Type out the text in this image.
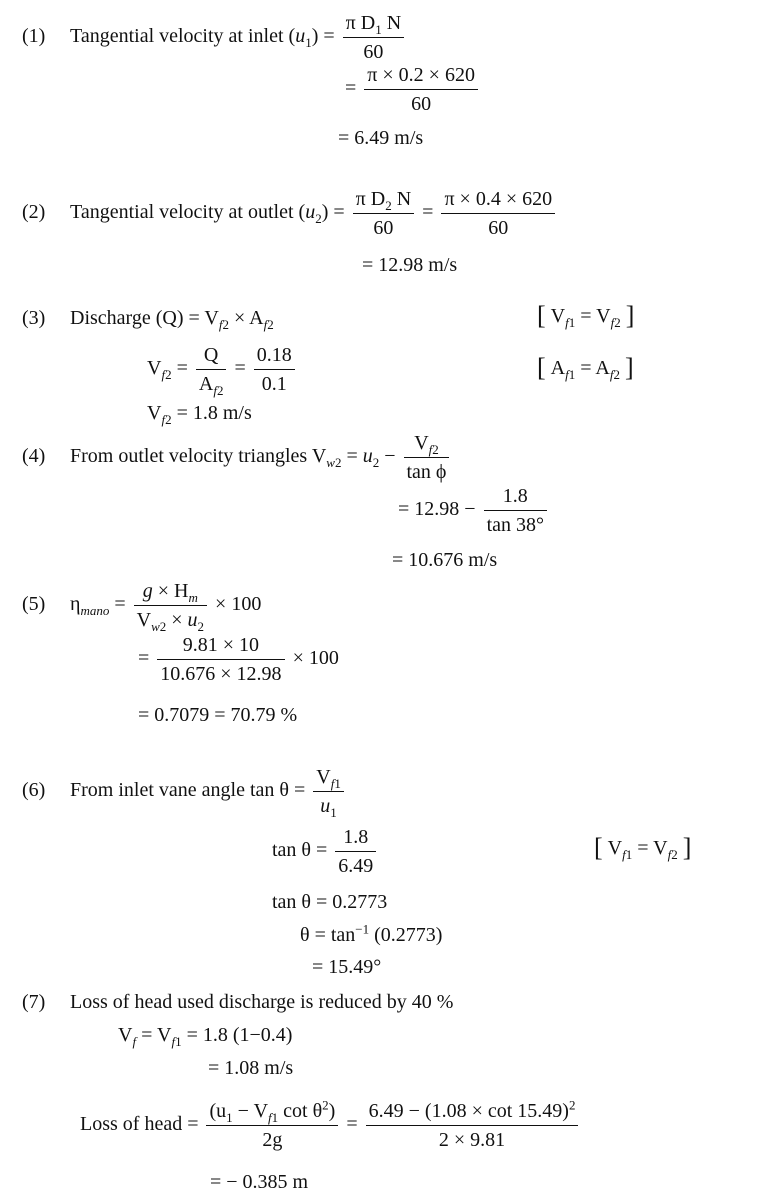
(1) Tangential velocity at inlet $(u_1) = \frac{\pi D_1 N}{60}$
= $\frac{\pi \times 0.2 \times 620}{60}$
= 6.49 m/s
(2) Tangential velocity at outlet $(u_2) = \frac{\pi D_2 N}{60} = \frac{\pi \times 0.4 \times 620}{60}$
= 12.98 m/s
(3) Discharge $(Q) = V_{f2} \times A_{f2}$	[ $V_{f1} = V_{f2}$ ]
$V_{f2} = \frac{Q}{A_{f2}} = \frac{0.18}{0.1}$	[ $A_{f1} = A_{f2}$ ]
$V_{f2} = 1.8$ m/s
(4) From outlet velocity triangles $V_{w2} = u_2 - \frac{V_{f2}}{\text{tan ϕ}}$
= $12.98 - \frac{1.8}{\tan 38^\circ}$
= 10.676 m/s
(5) $\eta_{mano} = \frac{g \times H_m}{V_{w2} \times u_2} \times 100$
= $\frac{9.81 \times 10}{10.676 \times 12.98} \times 100$
= 0.7079 = 70.79 %
(6) From inlet vane angle $\tan \theta = \frac{V_{f1}}{u_1}$
$\tan \theta = \frac{1.8}{6.49}$	[ $V_{f1} = V_{f2}$ ]
tan θ = 0.2773
$\theta = \tan^{-1} (0.2773)$
= 15.49°
(7) Loss of head used discharge is reduced by 40 %
$V_f = V_{f1} = 1.8$ (1−0.4)
= 1.08 m/s
Loss of head = $\frac{(u_1 - V_{f1} \cot \theta^2)}{2g} = \frac{6.49 - (1.08 \times \cot 15.49)^2}{2 \times 9.81}$
= − 0.385 m
